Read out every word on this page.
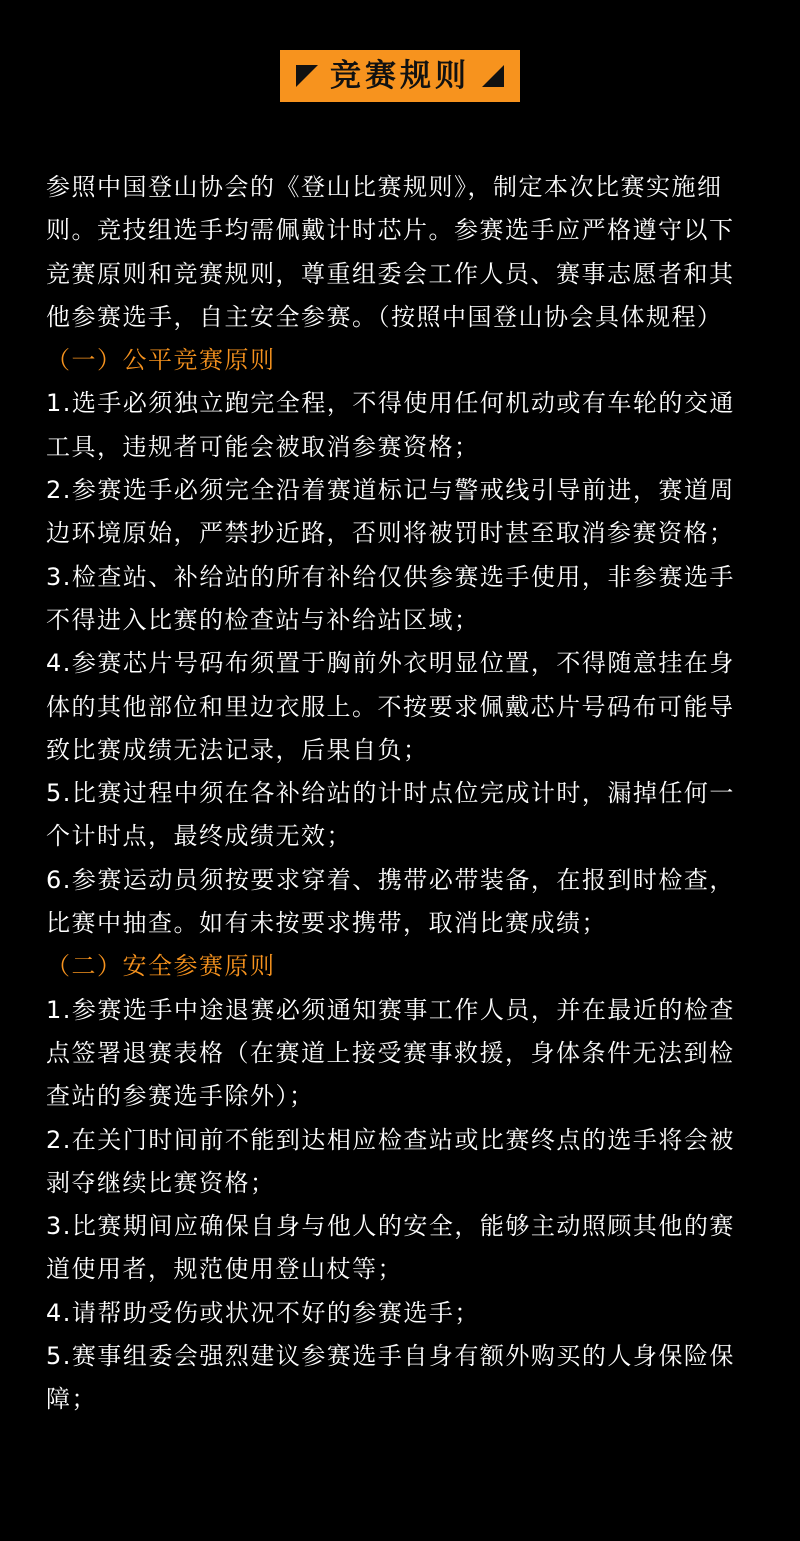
竞赛规则

参照中国登山协会的《登山比赛规则》，制定本次比赛实施细则。竞技组选手均需佩戴计时芯片。参赛选手应严格遵守以下竞赛原则和竞赛规则，尊重组委会工作人员、赛事志愿者和其他参赛选手，自主安全参赛。（按照中国登山协会具体规程）

（一）公平竞赛原则

1.选手必须独立跑完全程，不得使用任何机动或有车轮的交通工具，违规者可能会被取消参赛资格；

2.参赛选手必须完全沿着赛道标记与警戒线引导前进，赛道周边环境原始，严禁抄近路，否则将被罚时甚至取消参赛资格；

3.检查站、补给站的所有补给仅供参赛选手使用，非参赛选手不得进入比赛的检查站与补给站区域；

4.参赛芯片号码布须置于胸前外衣明显位置，不得随意挂在身体的其他部位和里边衣服上。不按要求佩戴芯片号码布可能导致比赛成绩无法记录，后果自负；

5.比赛过程中须在各补给站的计时点位完成计时，漏掉任何一个计时点，最终成绩无效；

6.参赛运动员须按要求穿着、携带必带装备，在报到时检查，比赛中抽查。如有未按要求携带，取消比赛成绩；

（二）安全参赛原则

1.参赛选手中途退赛必须通知赛事工作人员，并在最近的检查点签署退赛表格（在赛道上接受赛事救援，身体条件无法到检查站的参赛选手除外）；

2.在关门时间前不能到达相应检查站或比赛终点的选手将会被剥夺继续比赛资格；

3.比赛期间应确保自身与他人的安全，能够主动照顾其他的赛道使用者，规范使用登山杖等；

4.请帮助受伤或状况不好的参赛选手；

5.赛事组委会强烈建议参赛选手自身有额外购买的人身保险保障；
